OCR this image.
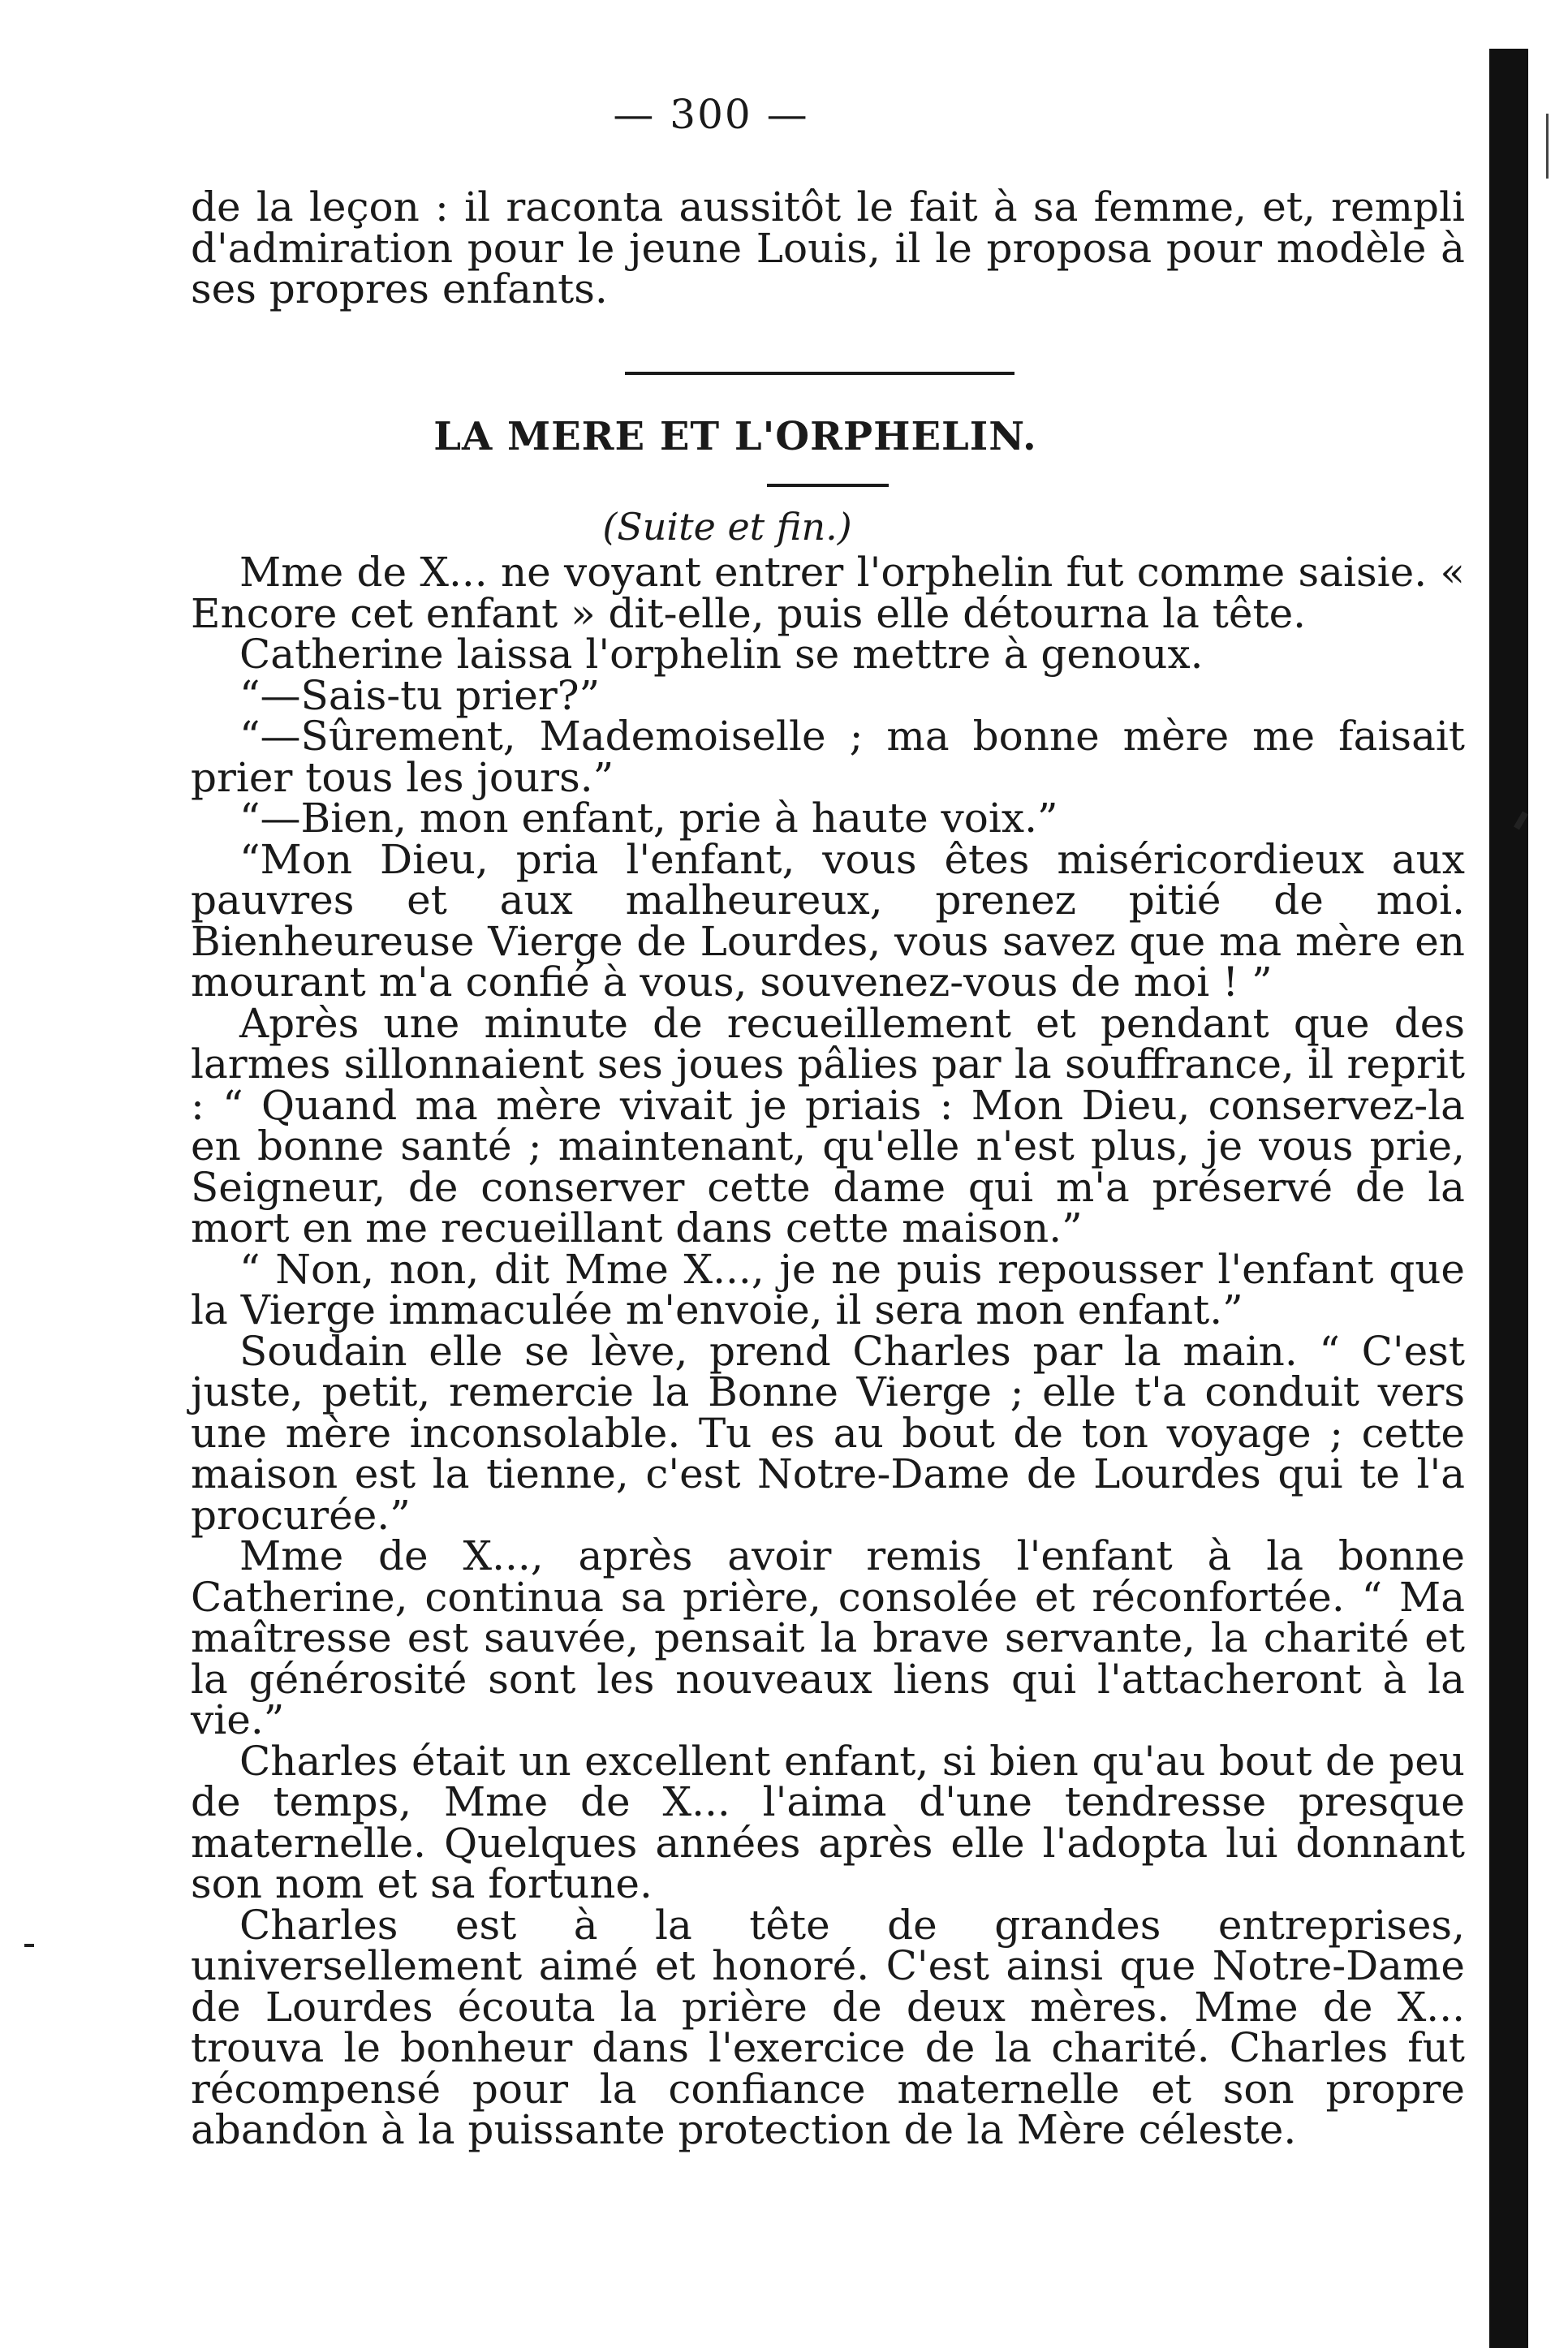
— 300 —

de la leçon : il raconta aussitôt le fait à sa femme, et, rempli d'admiration pour le jeune Louis, il le proposa pour modèle à ses propres enfants.

LA MERE ET L'ORPHELIN.
(Suite et fin.)

Mme de X... ne voyant entrer l'orphelin fut comme saisie. « Encore cet enfant » dit-elle, puis elle détourna la tête.

Catherine laissa l'orphelin se mettre à genoux.

“—Sais-tu prier?”

“—Sûrement, Mademoiselle ; ma bonne mère me faisait prier tous les jours.”

“—Bien, mon enfant, prie à haute voix.”

“Mon Dieu, pria l'enfant, vous êtes miséricordieux aux pauvres et aux malheureux, prenez pitié de moi. Bienheureuse Vierge de Lourdes, vous savez que ma mère en mourant m'a confié à vous, souvenez-vous de moi ! ”

Après une minute de recueillement et pendant que des larmes sillonnaient ses joues pâlies par la souffrance, il reprit : “ Quand ma mère vivait je priais : Mon Dieu, conservez-la en bonne santé ; maintenant, qu'elle n'est plus, je vous prie, Seigneur, de conserver cette dame qui m'a préservé de la mort en me recueillant dans cette maison.”

“ Non, non, dit Mme X..., je ne puis repousser l'enfant que la Vierge immaculée m'envoie, il sera mon enfant.”

Soudain elle se lève, prend Charles par la main. “ C'est juste, petit, remercie la Bonne Vierge ; elle t'a conduit vers une mère inconsolable. Tu es au bout de ton voyage ; cette maison est la tienne, c'est Notre-Dame de Lourdes qui te l'a procurée.”

Mme de X..., après avoir remis l'enfant à la bonne Catherine, continua sa prière, consolée et réconfortée. “ Ma maîtresse est sauvée, pensait la brave servante, la charité et la générosité sont les nouveaux liens qui l'attacheront à la vie.”

Charles était un excellent enfant, si bien qu'au bout de peu de temps, Mme de X... l'aima d'une tendresse presque maternelle. Quelques années après elle l'adopta lui donnant son nom et sa fortune.

Charles est à la tête de grandes entreprises, universellement aimé et honoré. C'est ainsi que Notre-Dame de Lourdes écouta la prière de deux mères. Mme de X... trouva le bonheur dans l'exercice de la charité. Charles fut récompensé pour la confiance maternelle et son propre abandon à la puissante protection de la Mère céleste.
